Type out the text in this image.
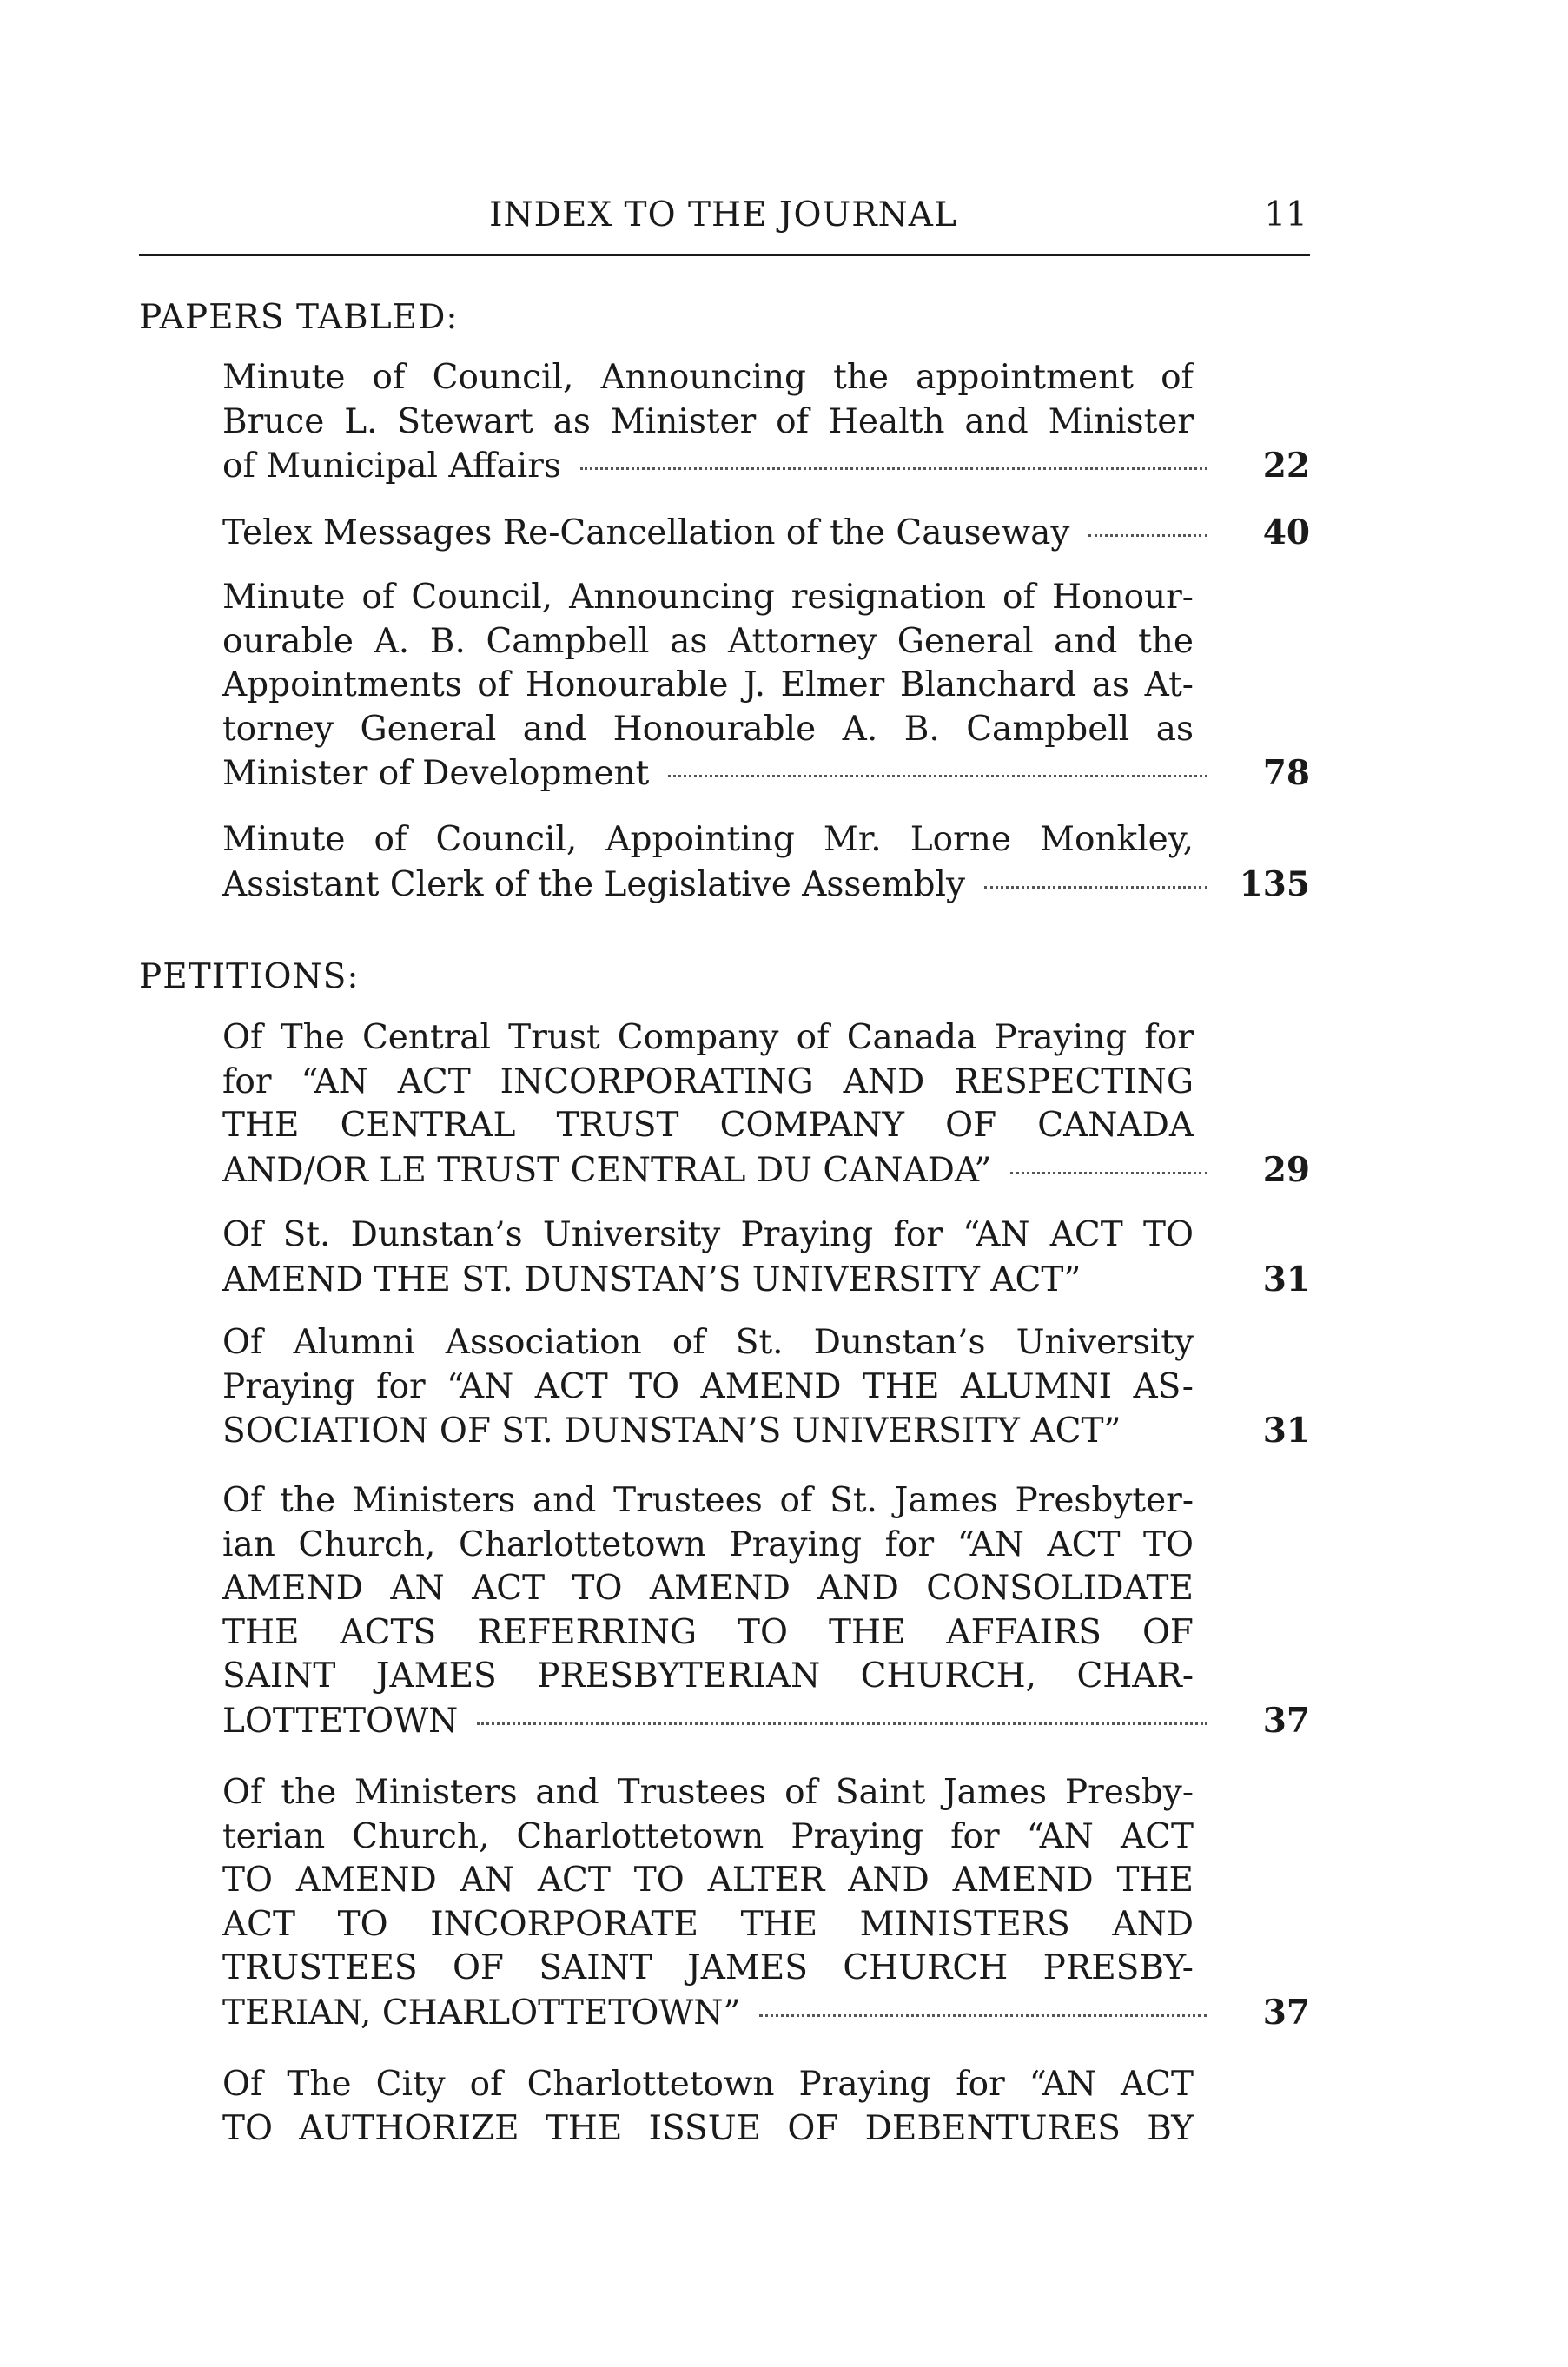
INDEX TO THE JOURNAL	11
PAPERS TABLED:
Minute of Council, Announcing the appointment of
Bruce L. Stewart as Minister of Health and Minister
of Municipal Affairs	22
Telex Messages Re-Cancellation of the Causeway	40
Minute of Council, Announcing resignation of Honour-
ourable A. B. Campbell as Attorney General and the
Appointments of Honourable J. Elmer Blanchard as At-
torney General and Honourable A. B. Campbell as
Minister of Development	78
Minute of Council, Appointing Mr. Lorne Monkley,
Assistant Clerk of the Legislative Assembly	135
PETITIONS:
Of The Central Trust Company of Canada Praying for
for “AN ACT INCORPORATING AND RESPECTING
THE CENTRAL TRUST COMPANY OF CANADA
AND/OR LE TRUST CENTRAL DU CANADA”	29
Of St. Dunstan’s University Praying for “AN ACT TO
AMEND THE ST. DUNSTAN’S UNIVERSITY ACT”	31
Of Alumni Association of St. Dunstan’s University
Praying for “AN ACT TO AMEND THE ALUMNI AS-
SOCIATION OF ST. DUNSTAN’S UNIVERSITY ACT”	31
Of the Ministers and Trustees of St. James Presbyter-
ian Church, Charlottetown Praying for “AN ACT TO
AMEND AN ACT TO AMEND AND CONSOLIDATE
THE ACTS REFERRING TO THE AFFAIRS OF
SAINT JAMES PRESBYTERIAN CHURCH, CHAR-
LOTTETOWN	37
Of the Ministers and Trustees of Saint James Presby-
terian Church, Charlottetown Praying for “AN ACT
TO AMEND AN ACT TO ALTER AND AMEND THE
ACT TO INCORPORATE THE MINISTERS AND
TRUSTEES OF SAINT JAMES CHURCH PRESBY-
TERIAN, CHARLOTTETOWN”	37
Of The City of Charlottetown Praying for “AN ACT
TO AUTHORIZE THE ISSUE OF DEBENTURES BY
